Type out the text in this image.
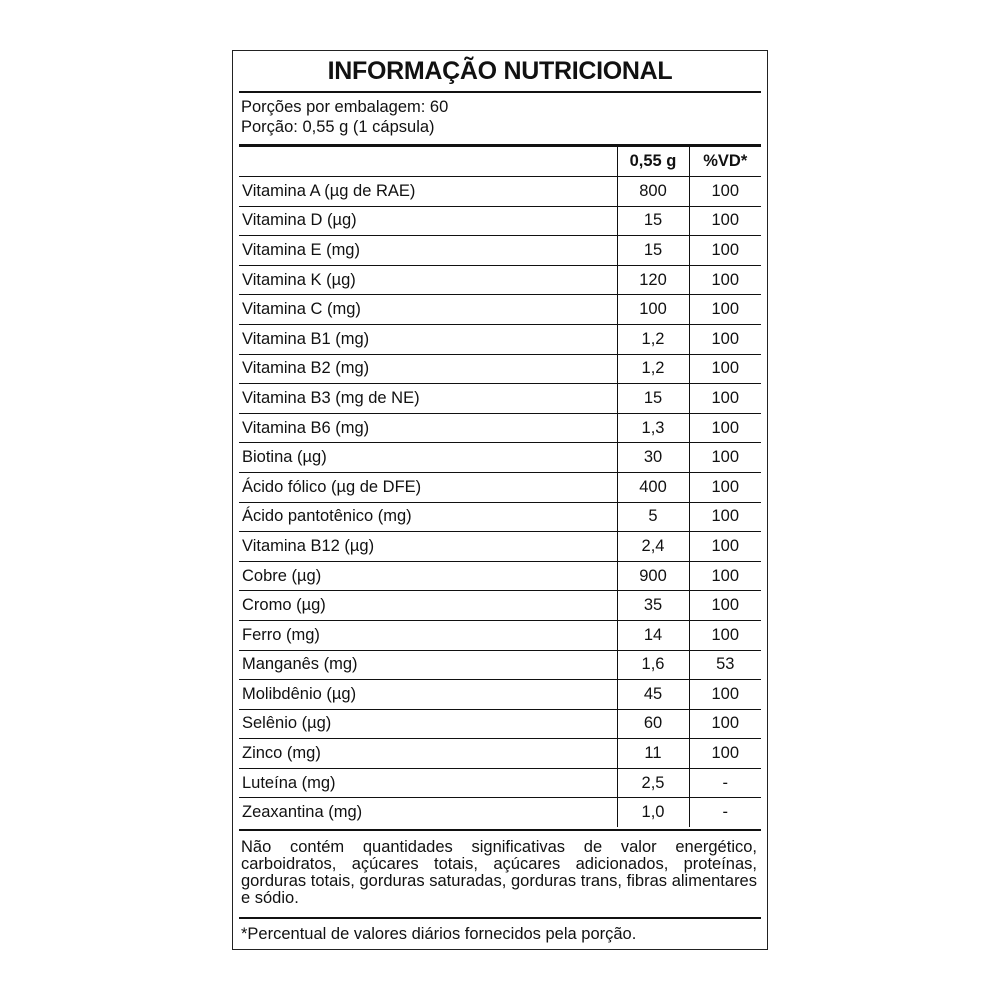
INFORMAÇÃO NUTRICIONAL
Porções por embalagem: 60
Porção: 0,55 g (1 cápsula)
	0,55 g	%VD*
Vitamina A (µg de RAE)	800	100
Vitamina D (µg)	15	100
Vitamina E (mg)	15	100
Vitamina K (µg)	120	100
Vitamina C (mg)	100	100
Vitamina B1 (mg)	1,2	100
Vitamina B2 (mg)	1,2	100
Vitamina B3 (mg de NE)	15	100
Vitamina B6 (mg)	1,3	100
Biotina (µg)	30	100
Ácido fólico (µg de DFE)	400	100
Ácido pantotênico (mg)	5	100
Vitamina B12 (µg)	2,4	100
Cobre (µg)	900	100
Cromo (µg)	35	100
Ferro (mg)	14	100
Manganês (mg)	1,6	53
Molibdênio (µg)	45	100
Selênio (µg)	60	100
Zinco (mg)	11	100
Luteína (mg)	2,5	-
Zeaxantina (mg)	1,0	-
Não contém quantidades significativas de valor energético, carboidratos, açúcares totais, açúcares adicionados, proteínas, gorduras totais, gorduras saturadas, gorduras trans, fibras alimentares e sódio.
*Percentual de valores diários fornecidos pela porção.
